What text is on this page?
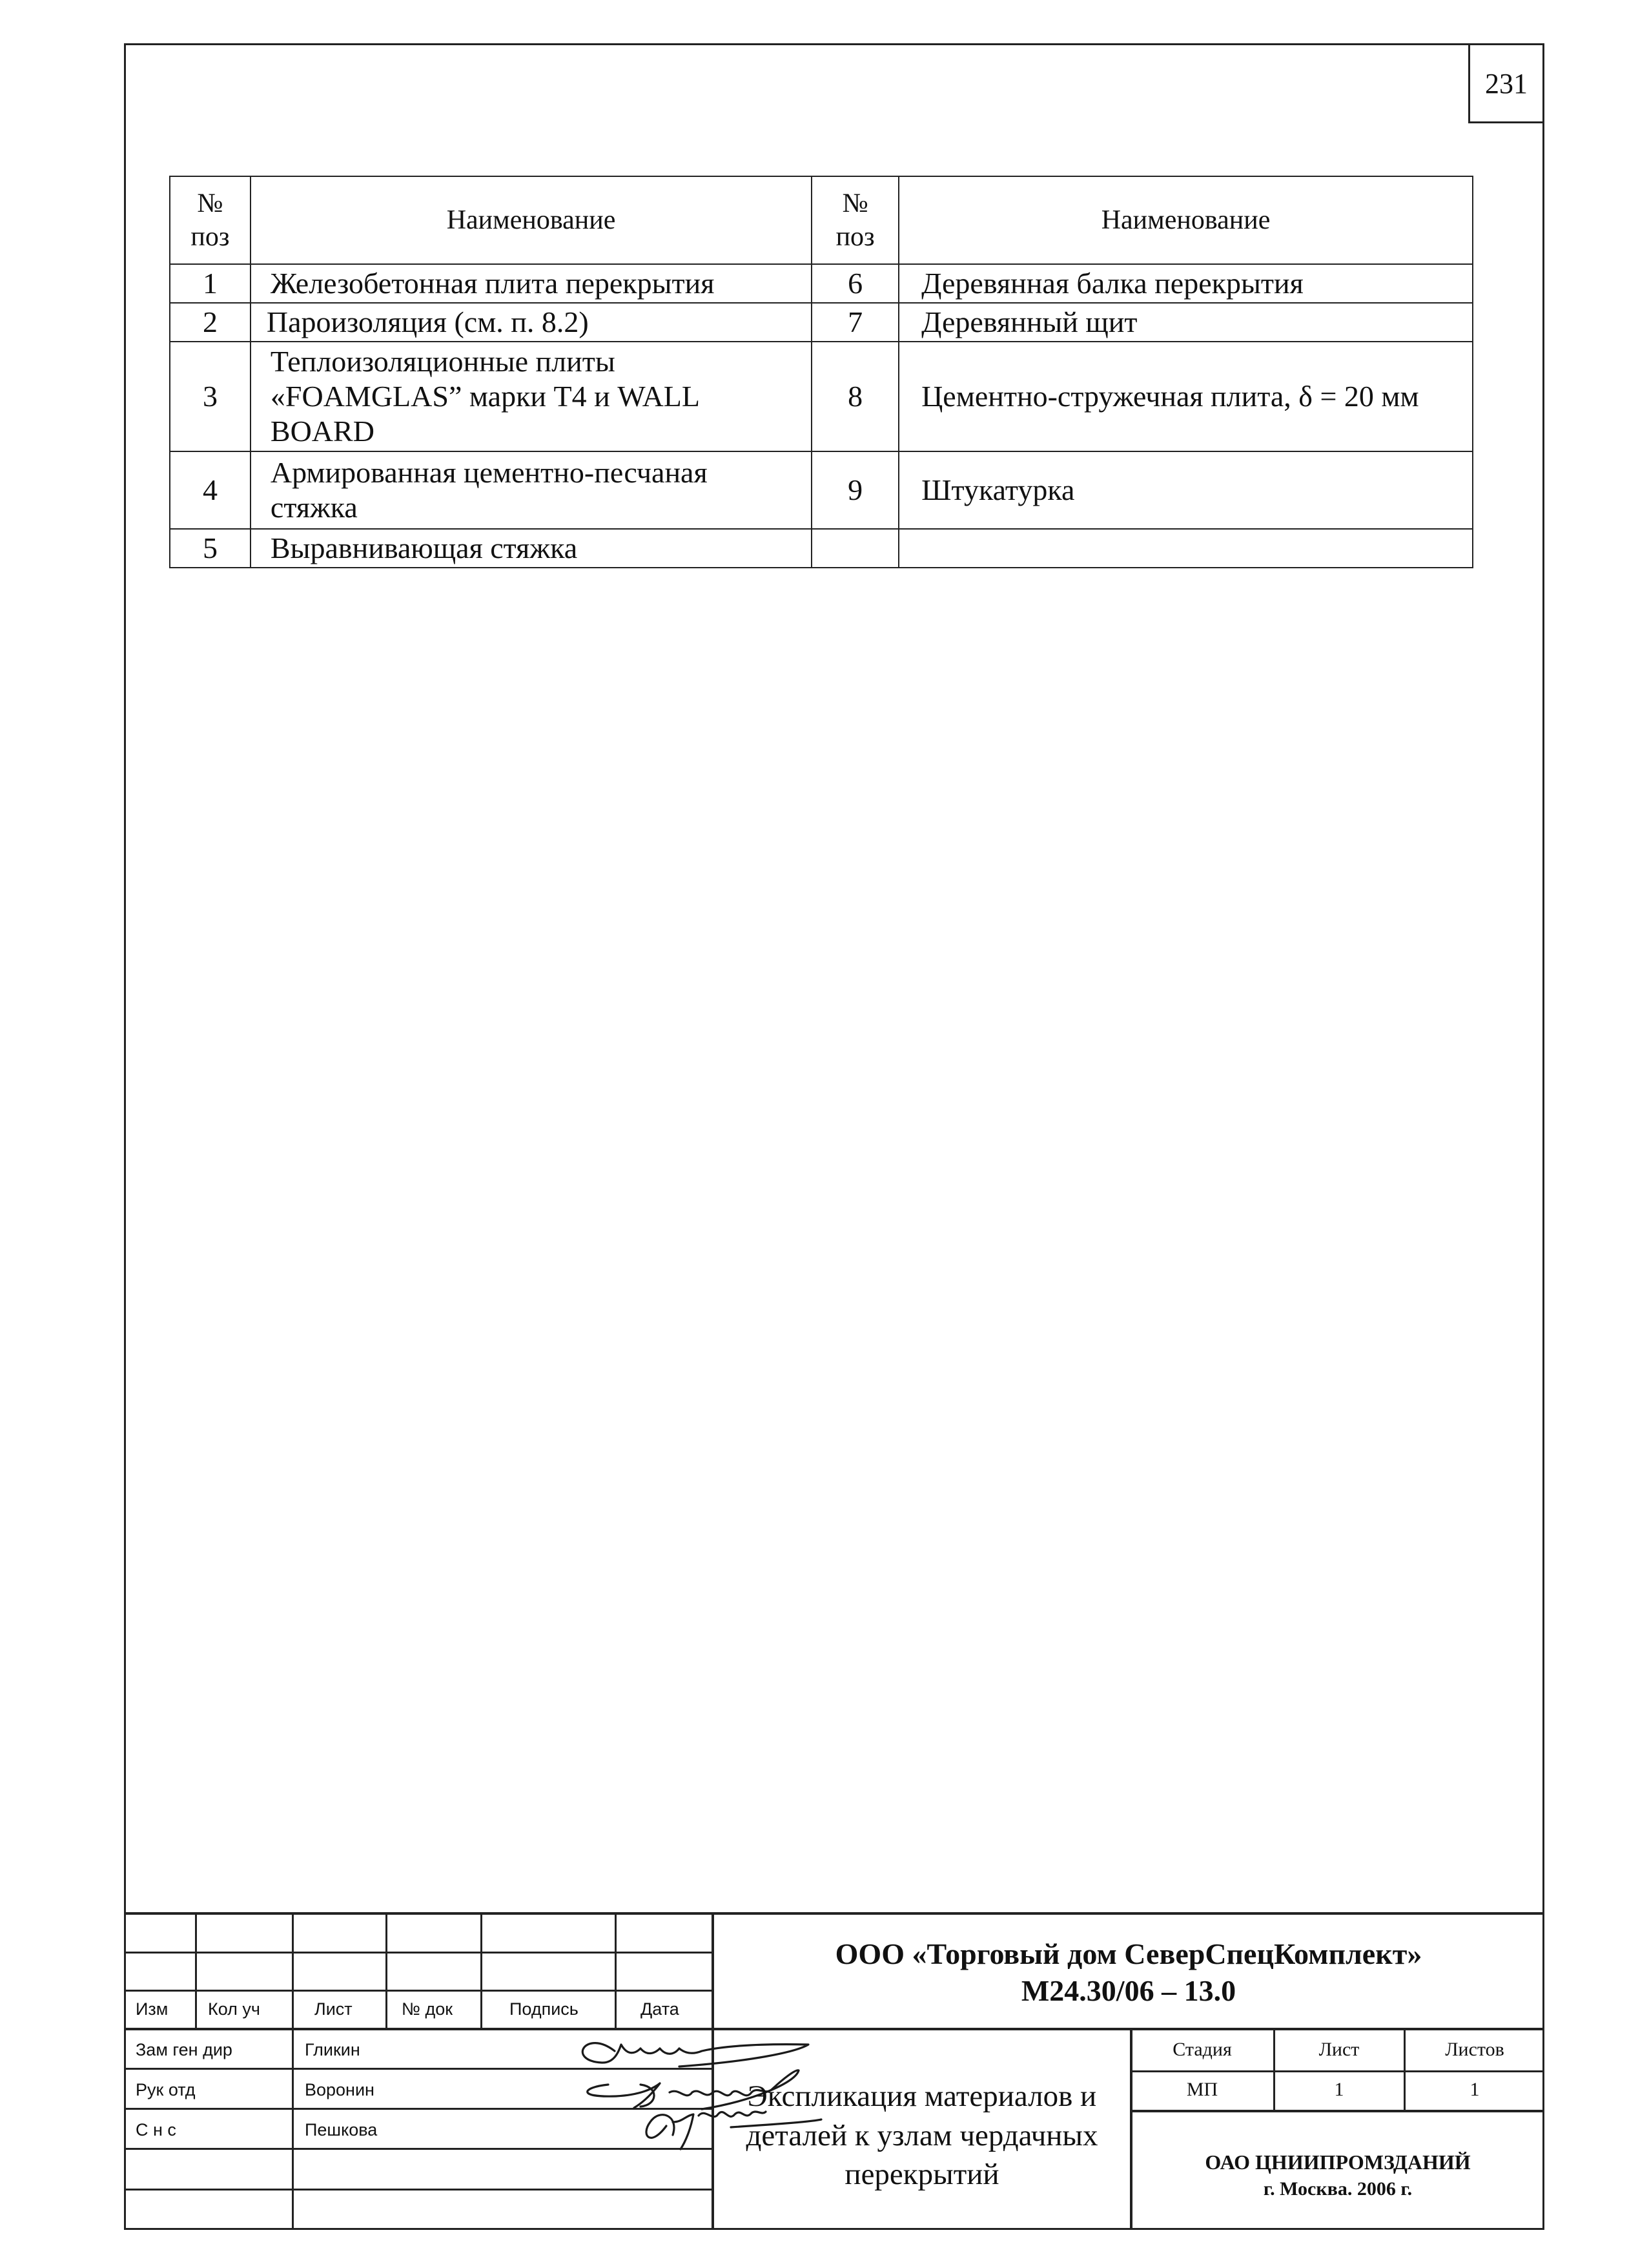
231
№ поз	Наименование	№ поз	Наименование
1	Железобетонная плита перекрытия	6	Деревянная балка перекрытия
2	Пароизоляция (см. п. 8.2)	7	Деревянный щит
3	Теплоизоляционные плиты «FOAMGLAS” марки Т4 и WALL BOARD	8	Цементно-стружечная плита, δ = 20 мм
4	Армированная цементно-песчаная стяжка	9	Штукатурка
5	Выравнивающая стяжка		
Изм Кол уч	Лист	№ док	Подпись	Дата
Зам ген дир	Гликин
Рук отд	Воронин
С н с	Пешкова
ООО «Торговый дом СеверСпецКомплект»
М24.30/06 – 13.0
Экспликация материалов и деталей к узлам чердачных перекрытий
Стадия	Лист	Листов
МП	1	1
ОАО ЦНИИПРОМЗДАНИЙ
г. Москва. 2006 г.
